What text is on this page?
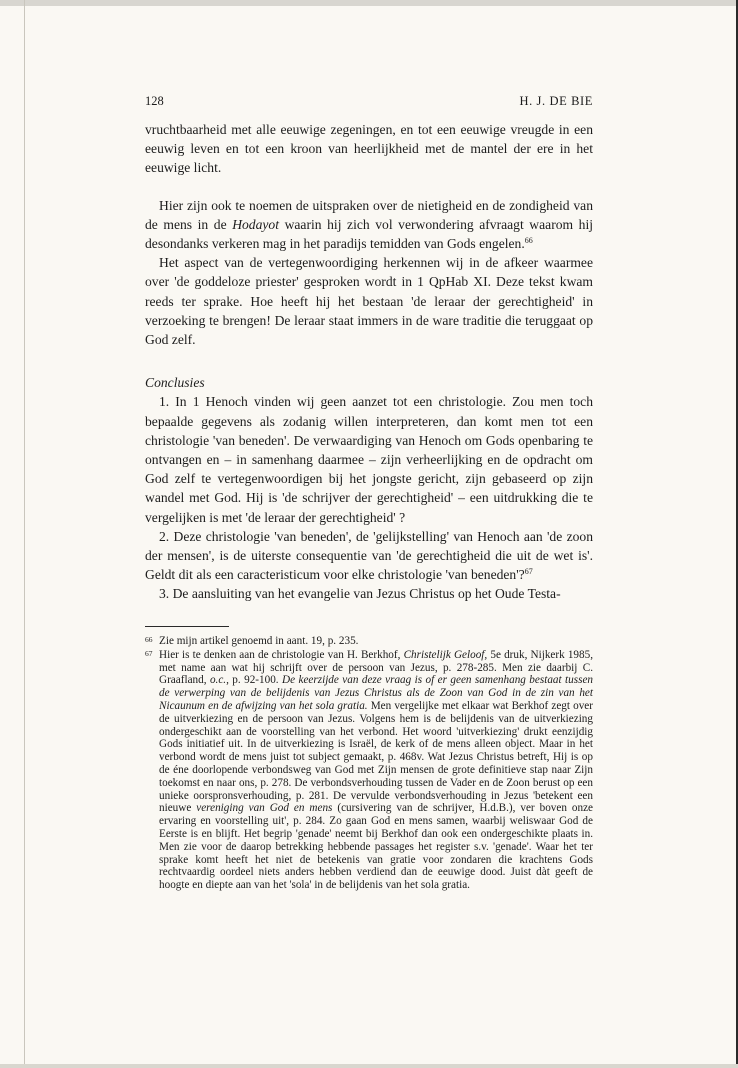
128	H. J. DE BIE

vruchtbaarheid met alle eeuwige zegeningen, en tot een eeuwige vreugde in een eeuwig leven en tot een kroon van heerlijkheid met de mantel der ere in het eeuwige licht.

Hier zijn ook te noemen de uitspraken over de nietigheid en de zondigheid van de mens in de Hodayot waarin hij zich vol verwondering afvraagt waarom hij desondanks verkeren mag in het paradijs temidden van Gods engelen.$^{66}$

Het aspect van de vertegenwoordiging herkennen wij in de afkeer waarmee over 'de goddeloze priester' gesproken wordt in 1 QpHab XI. Deze tekst kwam reeds ter sprake. Hoe heeft hij het bestaan 'de leraar der gerechtigheid' in verzoeking te brengen! De leraar staat immers in de ware traditie die teruggaat op God zelf.

Conclusies

1. In 1 Henoch vinden wij geen aanzet tot een christologie. Zou men toch bepaalde gegevens als zodanig willen interpreteren, dan komt men tot een christologie 'van beneden'. De verwaardiging van Henoch om Gods openbaring te ontvangen en – in samenhang daarmee – zijn verheerlijking en de opdracht om God zelf te vertegenwoordigen bij het jongste gericht, zijn gebaseerd op zijn wandel met God. Hij is 'de schrijver der gerechtigheid' – een uitdrukking die te vergelijken is met 'de leraar der gerechtigheid' ?

2. Deze christologie 'van beneden', de 'gelijkstelling' van Henoch aan 'de zoon der mensen', is de uiterste consequentie van 'de gerechtigheid die uit de wet is'. Geldt dit als een caracteristicum voor elke christologie 'van beneden'?$^{67}$

3. De aansluiting van het evangelie van Jezus Christus op het Oude Testa-

66 Zie mijn artikel genoemd in aant. 19, p. 235.

67 Hier is te denken aan de christologie van H. Berkhof, Christelijk Geloof, 5e druk, Nijkerk 1985, met name aan wat hij schrijft over de persoon van Jezus, p. 278-285. Men zie daarbij C. Graafland, o.c., p. 92-100. De keerzijde van deze vraag is of er geen samenhang bestaat tussen de verwerping van de belijdenis van Jezus Christus als de Zoon van God in de zin van het Nicaunum en de afwijzing van het sola gratia. Men vergelijke met elkaar wat Berkhof zegt over de uitverkiezing en de persoon van Jezus. Volgens hem is de belijdenis van de uitverkiezing ondergeschikt aan de voorstelling van het verbond. Het woord 'uitverkiezing' drukt eenzijdig Gods initiatief uit. In de uitverkiezing is Israël, de kerk of de mens alleen object. Maar in het verbond wordt de mens juist tot subject gemaakt, p. 468v. Wat Jezus Christus betreft, Hij is op de éne doorlopende verbondsweg van God met Zijn mensen de grote definitieve stap naar Zijn toekomst en naar ons, p. 278. De verbondsverhouding tussen de Vader en de Zoon berust op een unieke oorspronsverhouding, p. 281. De vervulde verbondsverhouding in Jezus 'betekent een nieuwe vereniging van God en mens (cursivering van de schrijver, H.d.B.), ver boven onze ervaring en voorstelling uit', p. 284. Zo gaan God en mens samen, waarbij weliswaar God de Eerste is en blijft. Het begrip 'genade' neemt bij Berkhof dan ook een ondergeschikte plaats in. Men zie voor de daarop betrekking hebbende passages het register s.v. 'genade'. Waar het ter sprake komt heeft het niet de betekenis van gratie voor zondaren die krachtens Gods rechtvaardig oordeel niets anders hebben verdiend dan de eeuwige dood. Juist dàt geeft de hoogte en diepte aan van het 'sola' in de belijdenis van het sola gratia.
